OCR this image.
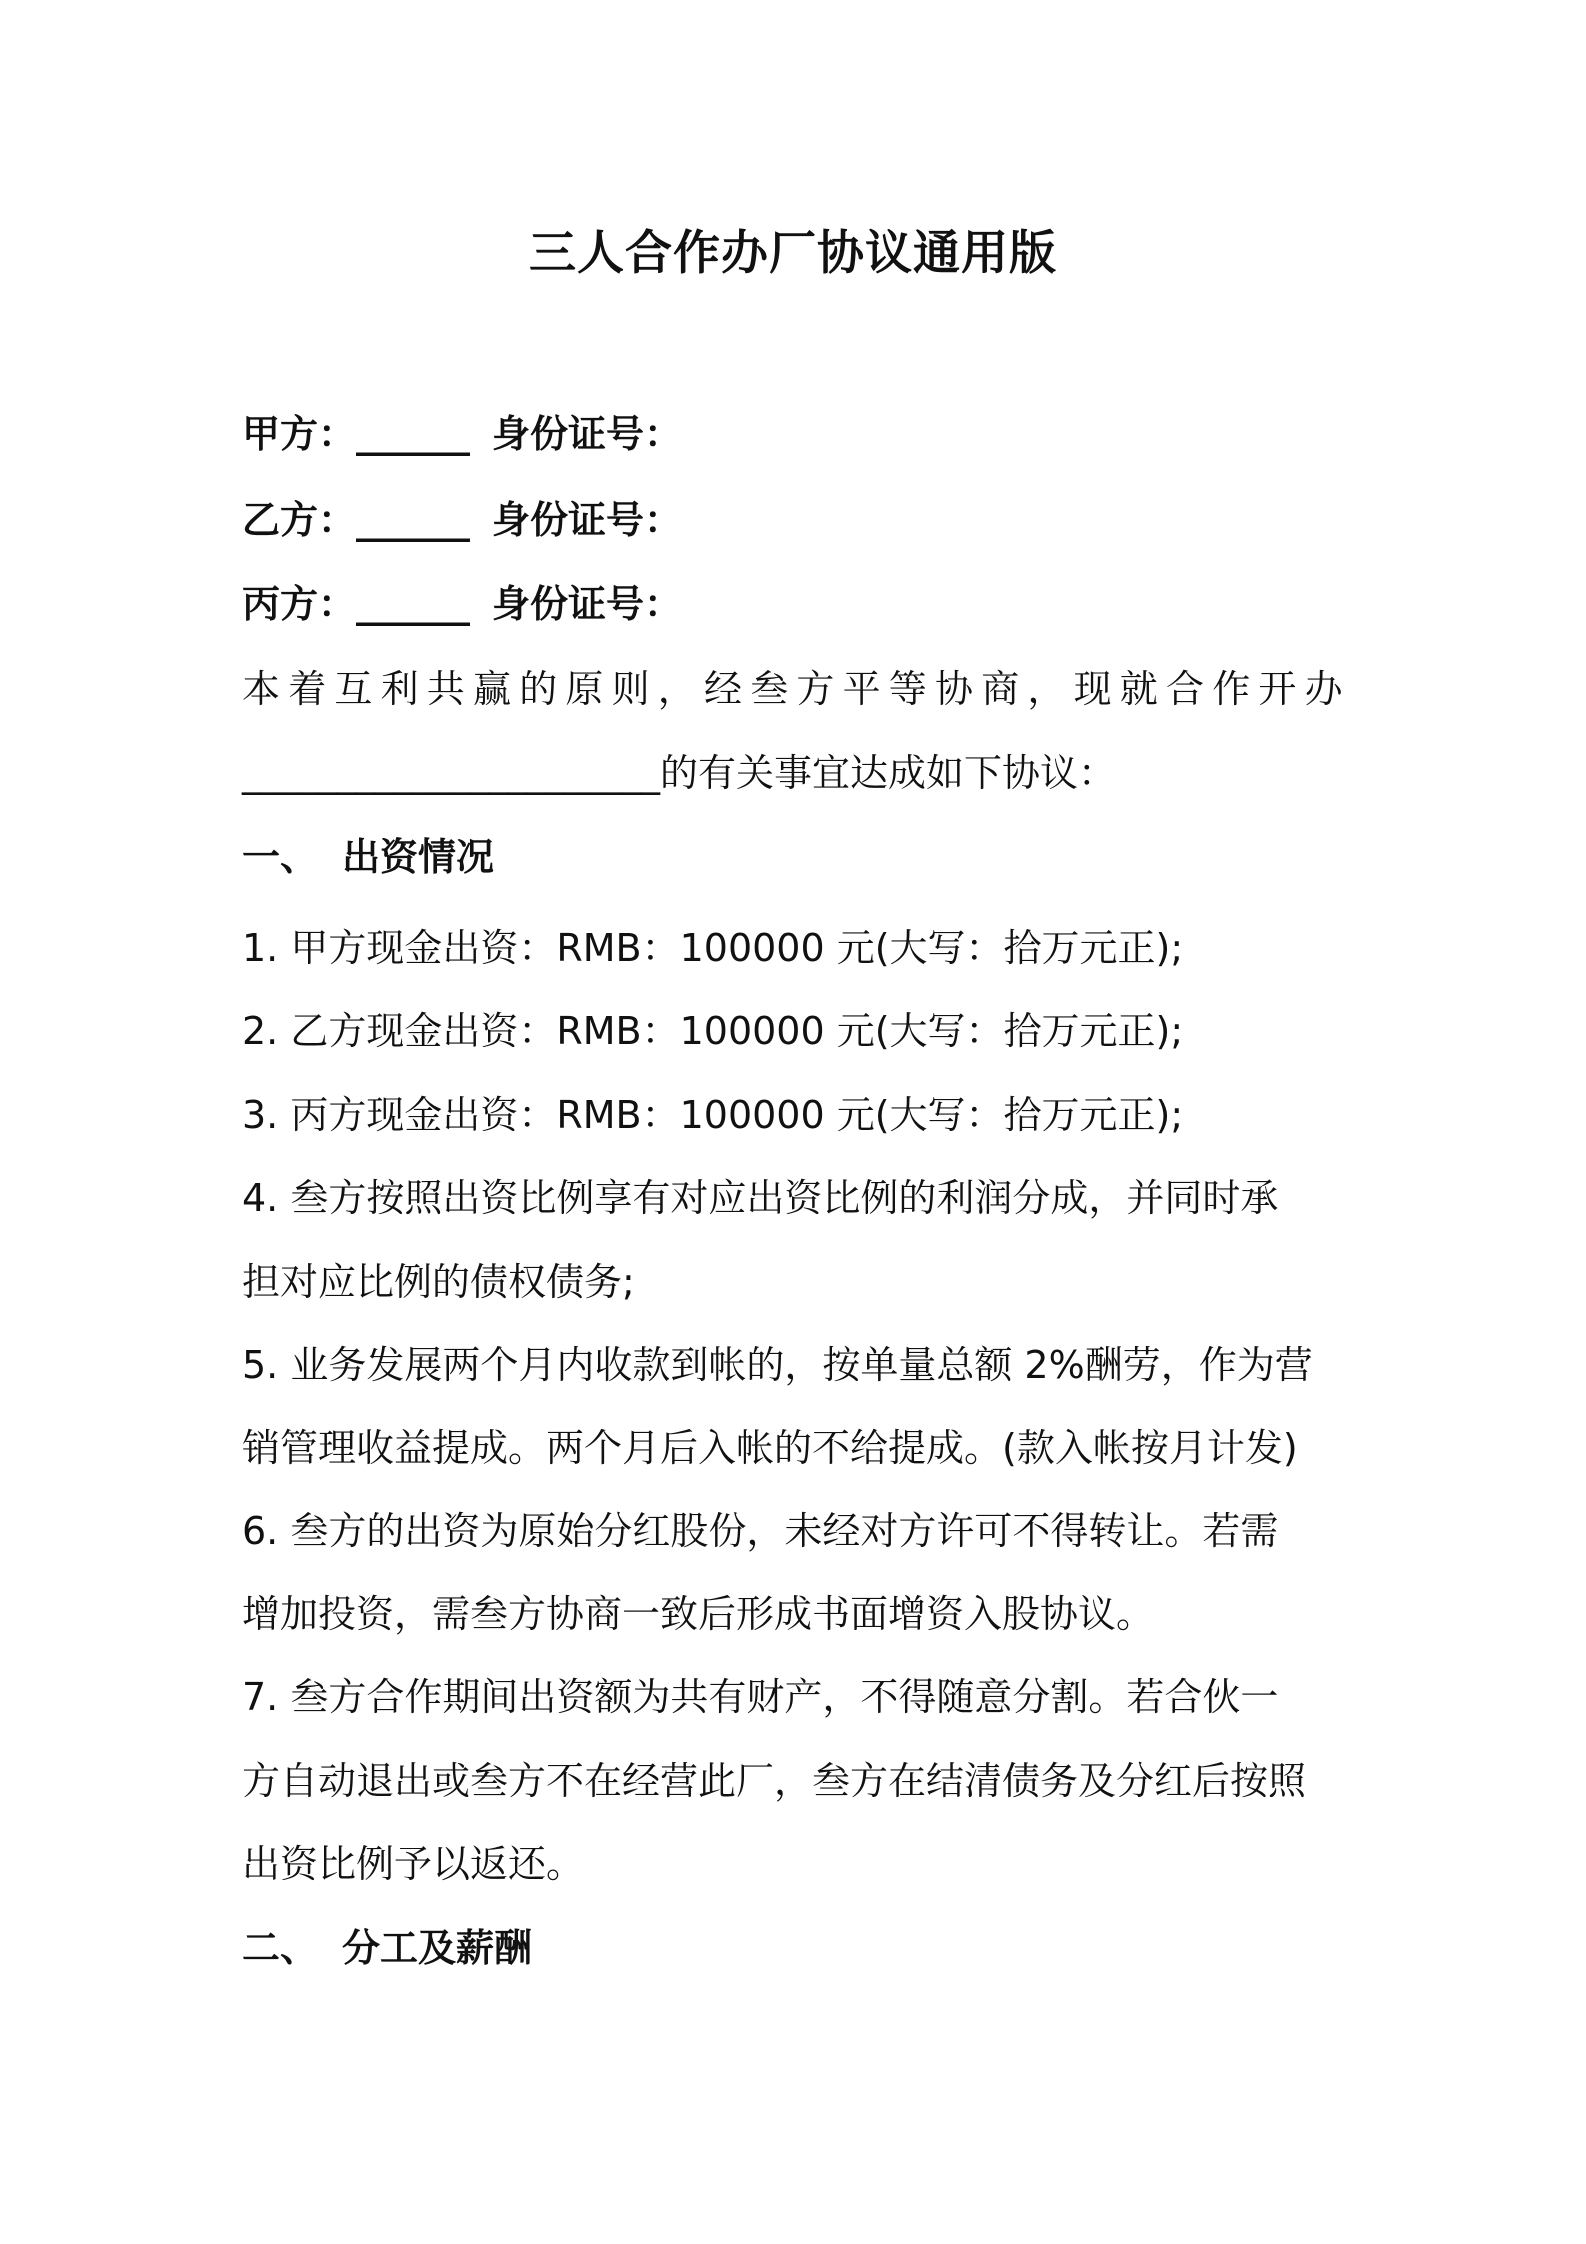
三人合作办厂协议通用版
甲方：______ 身份证号：
乙方：______ 身份证号：
丙方：______ 身份证号：
本着互利共赢的原则，经叁方平等协商，现就合作开办
______________________的有关事宜达成如下协议：
一、 出资情况
1. 甲方现金出资：RMB：100000 元(大写：拾万元正);
2. 乙方现金出资：RMB：100000 元(大写：拾万元正);
3. 丙方现金出资：RMB：100000 元(大写：拾万元正);
4. 叁方按照出资比例享有对应出资比例的利润分成，并同时承
担对应比例的债权债务;
5. 业务发展两个月内收款到帐的，按单量总额 2%酬劳，作为营
销管理收益提成。两个月后入帐的不给提成。(款入帐按月计发)
6. 叁方的出资为原始分红股份，未经对方许可不得转让。若需
增加投资，需叁方协商一致后形成书面增资入股协议。
7. 叁方合作期间出资额为共有财产，不得随意分割。若合伙一
方自动退出或叁方不在经营此厂，叁方在结清债务及分红后按照
出资比例予以返还。
二、 分工及薪酬
